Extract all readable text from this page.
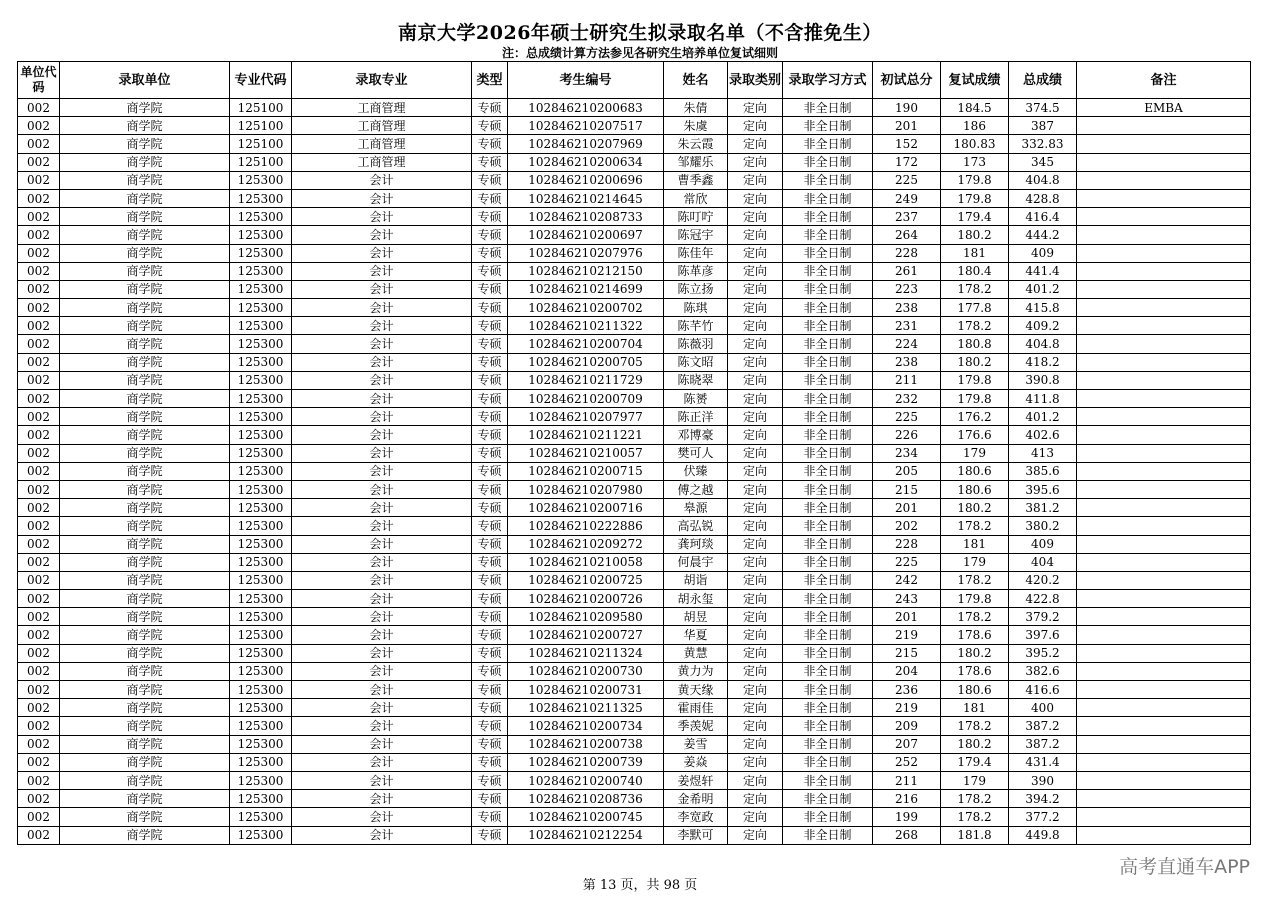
南京大学2026年硕士研究生拟录取名单（不含推免生）
注：总成绩计算方法参见各研究生培养单位复试细则
单位代码	录取单位	专业代码	录取专业	类型	考生编号	姓名	录取类别	录取学习方式	初试总分	复试成绩	总成绩	备注
002	商学院	125100	工商管理	专硕	102846210200683	朱倩	定向	非全日制	190	184.5	374.5	EMBA
002	商学院	125100	工商管理	专硕	102846210207517	朱虞	定向	非全日制	201	186	387	
002	商学院	125100	工商管理	专硕	102846210207969	朱云霞	定向	非全日制	152	180.83	332.83	
002	商学院	125100	工商管理	专硕	102846210200634	邹耀乐	定向	非全日制	172	173	345	
002	商学院	125300	会计	专硕	102846210200696	曹季鑫	定向	非全日制	225	179.8	404.8	
002	商学院	125300	会计	专硕	102846210214645	常欣	定向	非全日制	249	179.8	428.8	
002	商学院	125300	会计	专硕	102846210208733	陈叮咛	定向	非全日制	237	179.4	416.4	
002	商学院	125300	会计	专硕	102846210200697	陈冠宇	定向	非全日制	264	180.2	444.2	
002	商学院	125300	会计	专硕	102846210207976	陈佳年	定向	非全日制	228	181	409	
002	商学院	125300	会计	专硕	102846210212150	陈革彦	定向	非全日制	261	180.4	441.4	
002	商学院	125300	会计	专硕	102846210214699	陈立扬	定向	非全日制	223	178.2	401.2	
002	商学院	125300	会计	专硕	102846210200702	陈琪	定向	非全日制	238	177.8	415.8	
002	商学院	125300	会计	专硕	102846210211322	陈芊竹	定向	非全日制	231	178.2	409.2	
002	商学院	125300	会计	专硕	102846210200704	陈薇羽	定向	非全日制	224	180.8	404.8	
002	商学院	125300	会计	专硕	102846210200705	陈文昭	定向	非全日制	238	180.2	418.2	
002	商学院	125300	会计	专硕	102846210211729	陈晓翠	定向	非全日制	211	179.8	390.8	
002	商学院	125300	会计	专硕	102846210200709	陈赟	定向	非全日制	232	179.8	411.8	
002	商学院	125300	会计	专硕	102846210207977	陈正洋	定向	非全日制	225	176.2	401.2	
002	商学院	125300	会计	专硕	102846210211221	邓博豪	定向	非全日制	226	176.6	402.6	
002	商学院	125300	会计	专硕	102846210210057	樊可人	定向	非全日制	234	179	413	
002	商学院	125300	会计	专硕	102846210200715	伏臻	定向	非全日制	205	180.6	385.6	
002	商学院	125300	会计	专硕	102846210207980	傅之越	定向	非全日制	215	180.6	395.6	
002	商学院	125300	会计	专硕	102846210200716	皋源	定向	非全日制	201	180.2	381.2	
002	商学院	125300	会计	专硕	102846210222886	高弘锐	定向	非全日制	202	178.2	380.2	
002	商学院	125300	会计	专硕	102846210209272	龚珂琰	定向	非全日制	228	181	409	
002	商学院	125300	会计	专硕	102846210210058	何晨宇	定向	非全日制	225	179	404	
002	商学院	125300	会计	专硕	102846210200725	胡诣	定向	非全日制	242	178.2	420.2	
002	商学院	125300	会计	专硕	102846210200726	胡永玺	定向	非全日制	243	179.8	422.8	
002	商学院	125300	会计	专硕	102846210209580	胡昱	定向	非全日制	201	178.2	379.2	
002	商学院	125300	会计	专硕	102846210200727	华夏	定向	非全日制	219	178.6	397.6	
002	商学院	125300	会计	专硕	102846210211324	黄慧	定向	非全日制	215	180.2	395.2	
002	商学院	125300	会计	专硕	102846210200730	黄力为	定向	非全日制	204	178.6	382.6	
002	商学院	125300	会计	专硕	102846210200731	黄天缘	定向	非全日制	236	180.6	416.6	
002	商学院	125300	会计	专硕	102846210211325	霍雨佳	定向	非全日制	219	181	400	
002	商学院	125300	会计	专硕	102846210200734	季羡妮	定向	非全日制	209	178.2	387.2	
002	商学院	125300	会计	专硕	102846210200738	姜雪	定向	非全日制	207	180.2	387.2	
002	商学院	125300	会计	专硕	102846210200739	姜焱	定向	非全日制	252	179.4	431.4	
002	商学院	125300	会计	专硕	102846210200740	姜煜轩	定向	非全日制	211	179	390	
002	商学院	125300	会计	专硕	102846210208736	金希明	定向	非全日制	216	178.2	394.2	
002	商学院	125300	会计	专硕	102846210200745	李宽政	定向	非全日制	199	178.2	377.2	
002	商学院	125300	会计	专硕	102846210212254	李默可	定向	非全日制	268	181.8	449.8	
第 13 页，共 98 页
高考直通车APP
